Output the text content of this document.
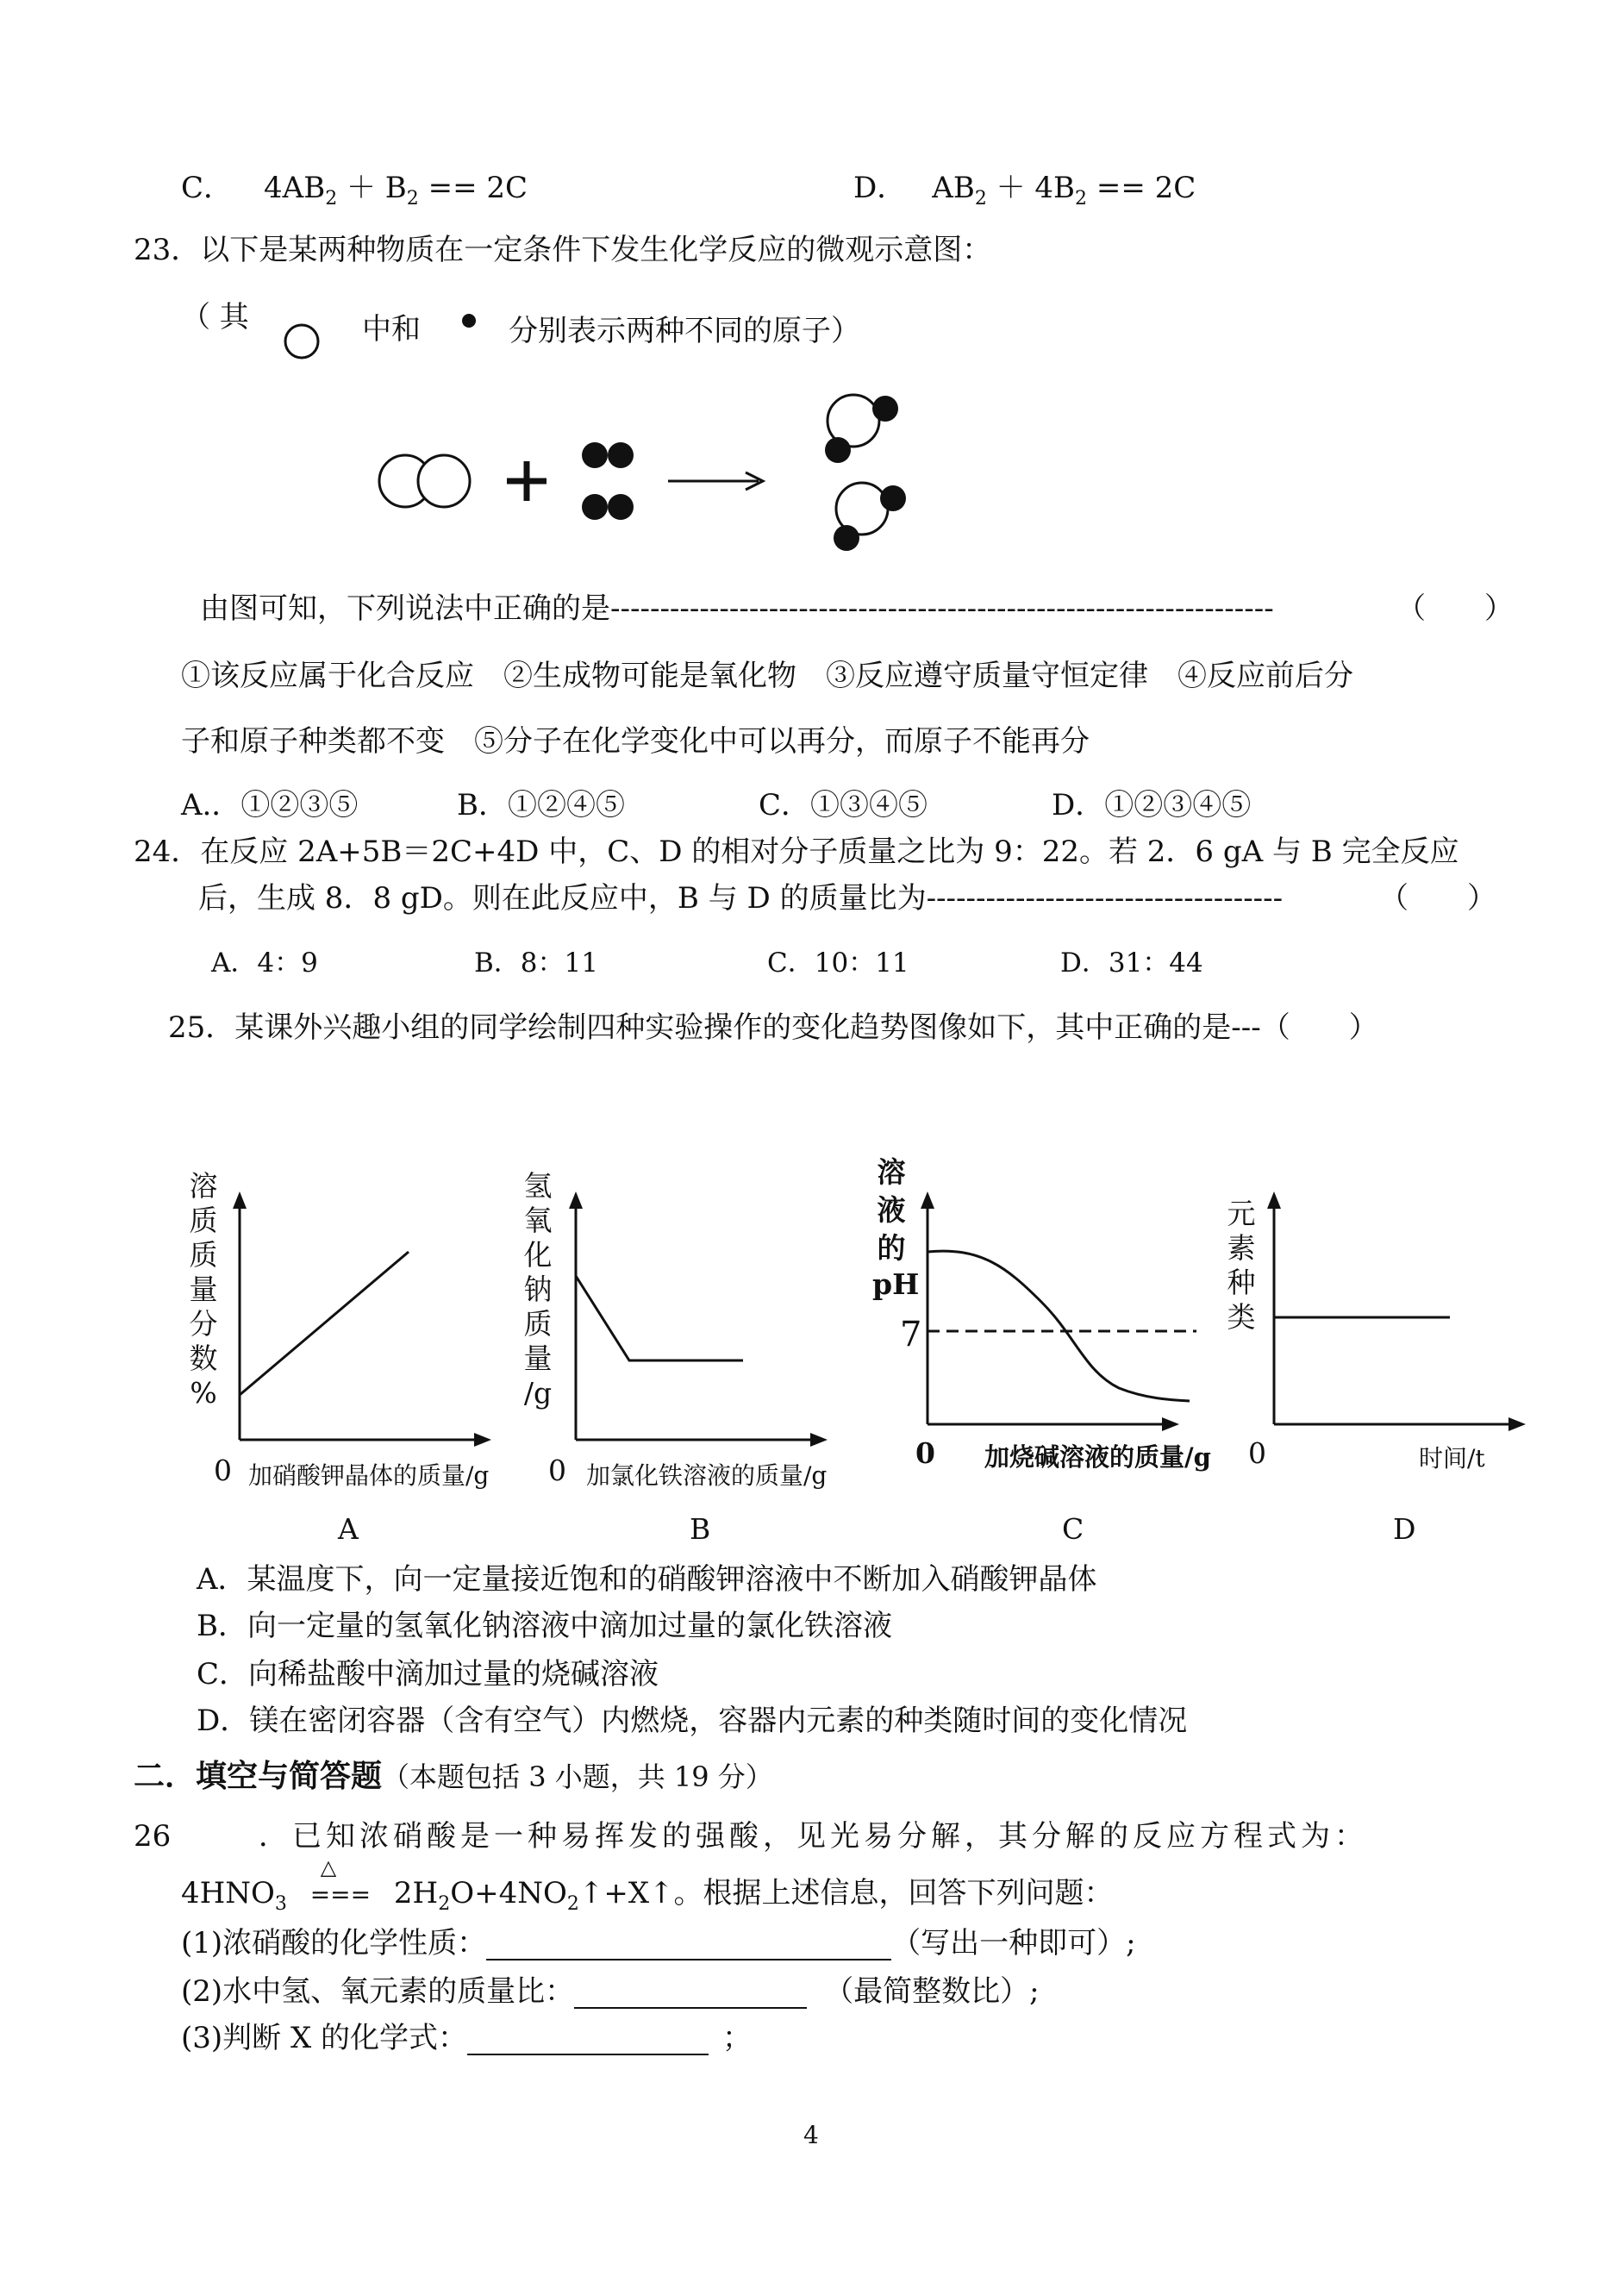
C． $4AB_2 + B_2 == 2C$	D． $AB_2 + 4B_2 == 2C$
23．以下是某两种物质在一定条件下发生化学反应的微观示意图：
（ 其	中和	分别表示两种不同的原子）
由图可知，下列说法中正确的是-------------------------------------------------------------------	（　　）
①该反应属于化合反应　②生成物可能是氧化物　③反应遵守质量守恒定律　④反应前后分
子和原子种类都不变　⑤分子在化学变化中可以再分，而原子不能再分
A.．①②③⑤	B．①②④⑤	C．①③④⑤	D．①②③④⑤
24．在反应 2A+5B＝2C+4D 中，C、D 的相对分子质量之比为 9：22。若 2．6 gA 与 B 完全反应
后，生成 8．8 gD。则在此反应中，B 与 D 的质量比为------------------------------------	（　　）
A．4：9	B．8：11	C．10：11	D．31：44
25．某课外兴趣小组的同学绘制四种实验操作的变化趋势图像如下，其中正确的是---（　　）
溶
质
质
量
分
数
%
0 加硝酸钾晶体的质量/g
A
氢
氧
化
钠
质
量
/g
0 加氯化铁溶液的质量/g
B
溶
液
的
pH
7
0 加烧碱溶液的质量/g
C
元
素
种
类
0	时间/t
D
A．某温度下，向一定量接近饱和的硝酸钾溶液中不断加入硝酸钾晶体
B．向一定量的氢氧化钠溶液中滴加过量的氯化铁溶液
C．向稀盐酸中滴加过量的烧碱溶液
D．镁在密闭容器（含有空气）内燃烧，容器内元素的种类随时间的变化情况
二．填空与简答题（本题包括 3 小题，共 19 分）
26	．已知浓硝酸是一种易挥发的强酸，见光易分解，其分解的反应方程式为：
$4HNO_3$
△
=== $2H_2O+4NO_2↑+X↑$。根据上述信息，回答下列问题：
(1)浓硝酸的化学性质：	（写出一种即可）;
(2)水中氢、氧元素的质量比：	（最简整数比）;
(3)判断 X 的化学式：	；
4
